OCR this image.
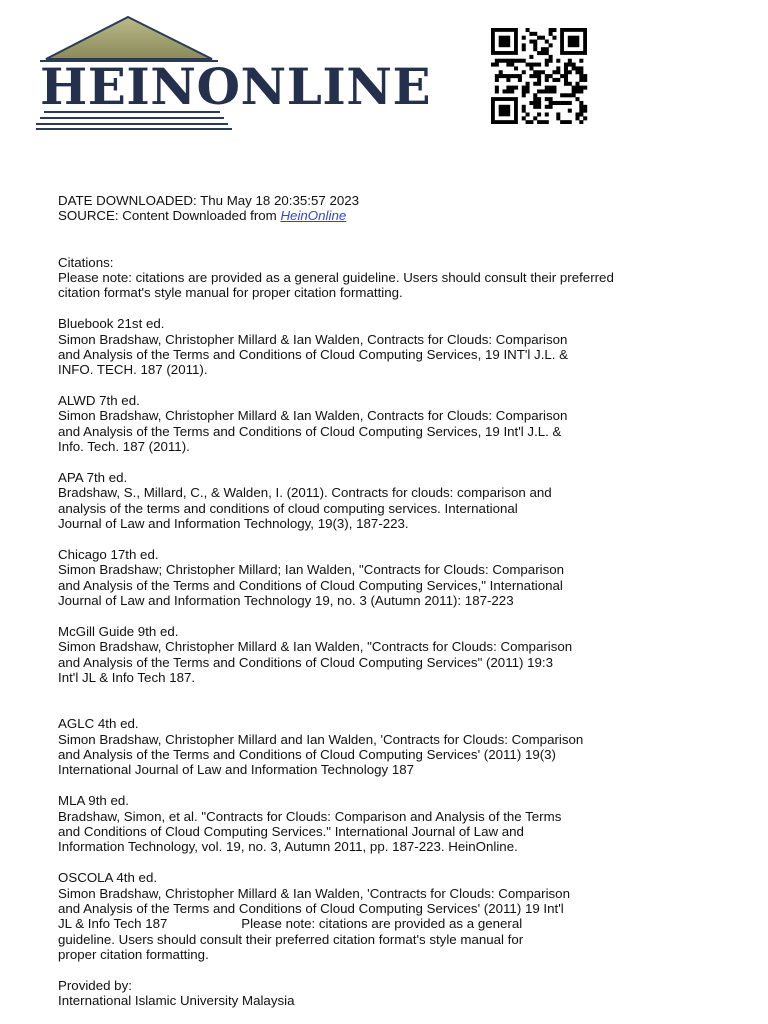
HEINONLINE
DATE DOWNLOADED: Thu May 18 20:35:57 2023
SOURCE: Content Downloaded from HeinOnline
Citations:
Please note: citations are provided as a general guideline. Users should consult their preferred
citation format's style manual for proper citation formatting.
Bluebook 21st ed.
Simon Bradshaw, Christopher Millard & Ian Walden, Contracts for Clouds: Comparison
and Analysis of the Terms and Conditions of Cloud Computing Services, 19 INT'l J.L. &
INFO. TECH. 187 (2011).
ALWD 7th ed.
Simon Bradshaw, Christopher Millard & Ian Walden, Contracts for Clouds: Comparison
and Analysis of the Terms and Conditions of Cloud Computing Services, 19 Int'l J.L. &
Info. Tech. 187 (2011).
APA 7th ed.
Bradshaw, S., Millard, C., & Walden, I. (2011). Contracts for clouds: comparison and
analysis of the terms and conditions of cloud computing services. International
Journal of Law and Information Technology, 19(3), 187-223.
Chicago 17th ed.
Simon Bradshaw; Christopher Millard; Ian Walden, "Contracts for Clouds: Comparison
and Analysis of the Terms and Conditions of Cloud Computing Services," International
Journal of Law and Information Technology 19, no. 3 (Autumn 2011): 187-223
McGill Guide 9th ed.
Simon Bradshaw, Christopher Millard & Ian Walden, "Contracts for Clouds: Comparison
and Analysis of the Terms and Conditions of Cloud Computing Services" (2011) 19:3
Int'l JL & Info Tech 187.
AGLC 4th ed.
Simon Bradshaw, Christopher Millard and Ian Walden, 'Contracts for Clouds: Comparison
and Analysis of the Terms and Conditions of Cloud Computing Services' (2011) 19(3)
International Journal of Law and Information Technology 187
MLA 9th ed.
Bradshaw, Simon, et al. "Contracts for Clouds: Comparison and Analysis of the Terms
and Conditions of Cloud Computing Services." International Journal of Law and
Information Technology, vol. 19, no. 3, Autumn 2011, pp. 187-223. HeinOnline.
OSCOLA 4th ed.
Simon Bradshaw, Christopher Millard & Ian Walden, 'Contracts for Clouds: Comparison
and Analysis of the Terms and Conditions of Cloud Computing Services' (2011) 19 Int'l
JL & Info Tech 187                    Please note: citations are provided as a general
guideline. Users should consult their preferred citation format's style manual for
proper citation formatting.
Provided by:
International Islamic University Malaysia
